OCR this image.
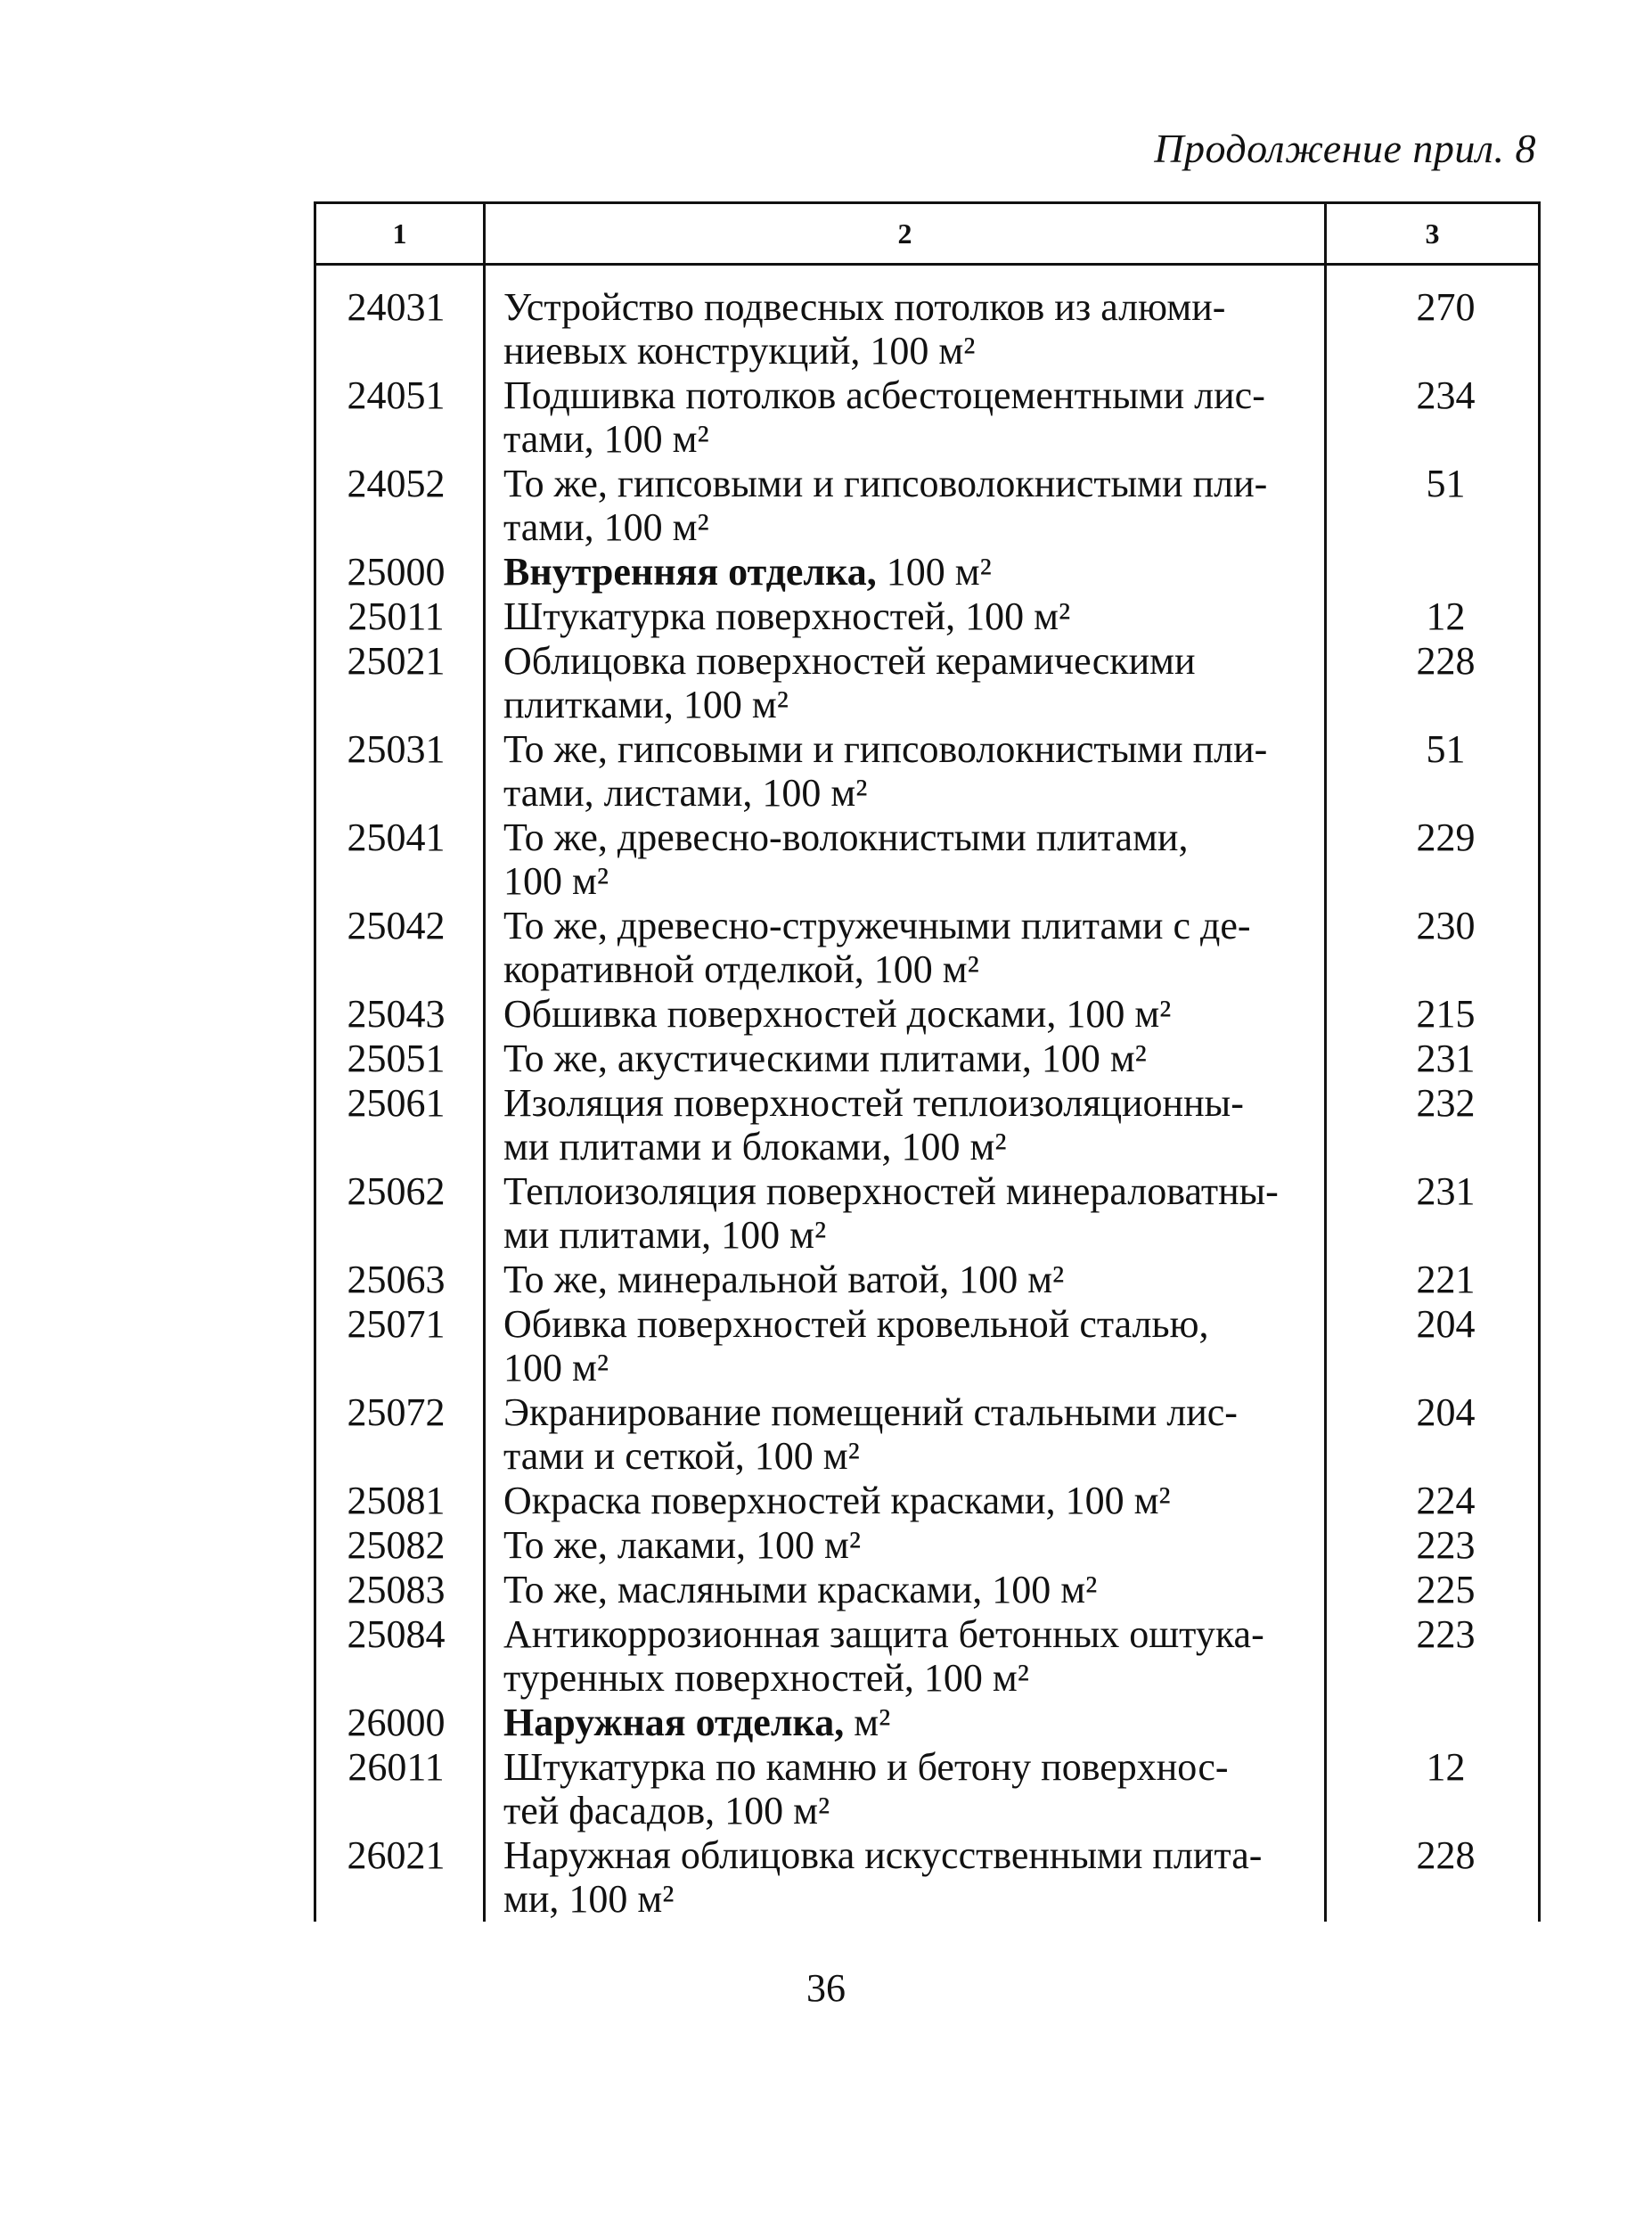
Продолжение прил. 8
1	2	3

24031	Устройство подвесных потолков из алюми-
ниевых конструкций, 100 м²	270
24051	Подшивка потолков асбестоцементными лис-
тами, 100 м²	234
24052	То же, гипсовыми и гипсоволокнистыми пли-
тами, 100 м²	51
25000	Внутренняя отделка, 100 м²	
25011	Штукатурка поверхностей, 100 м²	12
25021	Облицовка поверхностей керамическими
плитками, 100 м²	228
25031	То же, гипсовыми и гипсоволокнистыми пли-
тами, листами, 100 м²	51
25041	То же, древесно-волокнистыми плитами,
100 м²	229
25042	То же, древесно-стружечными плитами с де-
коративной отделкой, 100 м²	230
25043	Обшивка поверхностей досками, 100 м²	215
25051	То же, акустическими плитами, 100 м²	231
25061	Изоляция поверхностей теплоизоляционны-
ми плитами и блоками, 100 м²	232
25062	Теплоизоляция поверхностей минераловатны-
ми плитами, 100 м²	231
25063	То же, минеральной ватой, 100 м²	221
25071	Обивка поверхностей кровельной сталью,
100 м²	204
25072	Экранирование помещений стальными лис-
тами и сеткой, 100 м²	204
25081	Окраска поверхностей красками, 100 м²	224
25082	То же, лаками, 100 м²	223
25083	То же, масляными красками, 100 м²	225
25084	Антикоррозионная защита бетонных оштука-
туренных поверхностей, 100 м²	223
26000	Наружная отделка, м²	
26011	Штукатурка по камню и бетону поверхнос-
тей фасадов, 100 м²	12
26021	Наружная облицовка искусственными плита-
ми, 100 м²	228
36
